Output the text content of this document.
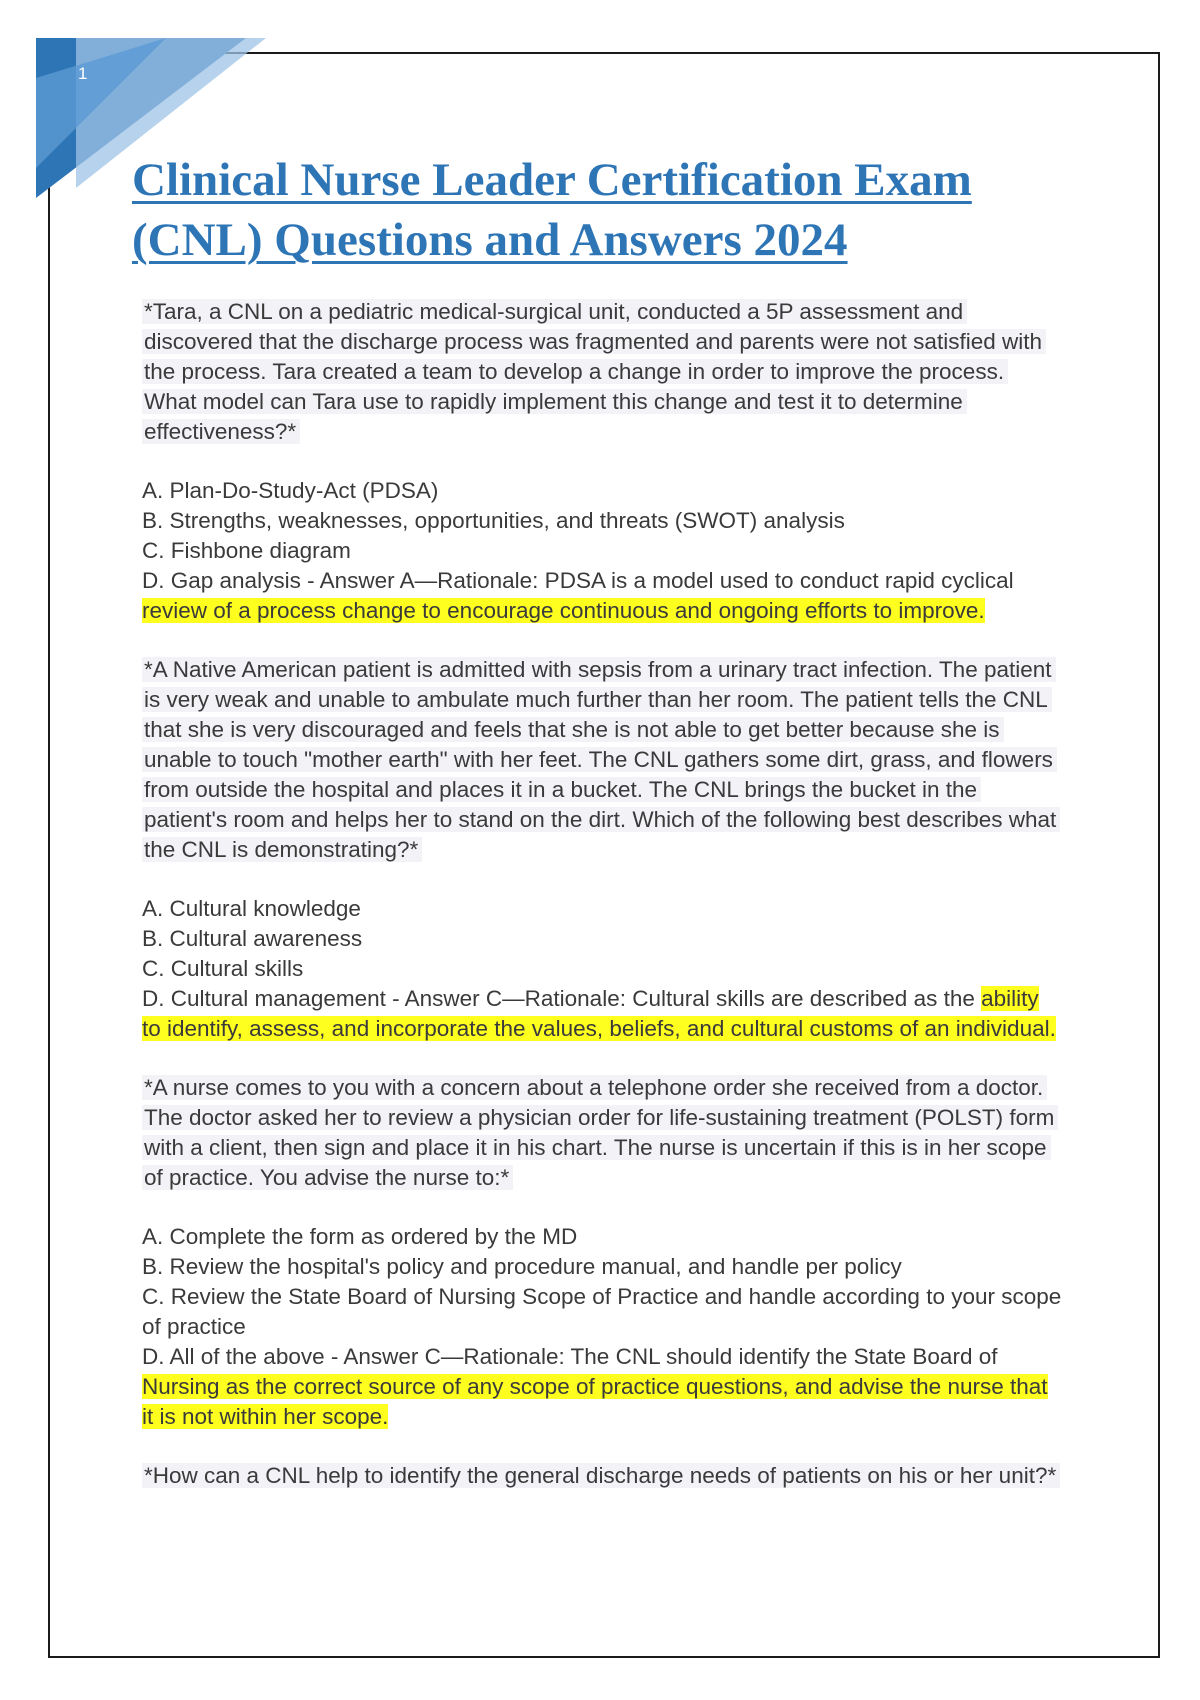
1
Clinical Nurse Leader Certification Exam
(CNL) Questions and Answers 2024
*Tara, a CNL on a pediatric medical-surgical unit, conducted a 5P assessment and discovered that the discharge process was fragmented and parents were not satisfied with the process. Tara created a team to develop a change in order to improve the process. What model can Tara use to rapidly implement this change and test it to determine effectiveness?*

A. Plan-Do-Study-Act (PDSA)

B. Strengths, weaknesses, opportunities, and threats (SWOT) analysis

C. Fishbone diagram

D. Gap analysis - Answer A—Rationale: PDSA is a model used to conduct rapid cyclical review of a process change to encourage continuous and ongoing efforts to improve.

*A Native American patient is admitted with sepsis from a urinary tract infection. The patient is very weak and unable to ambulate much further than her room. The patient tells the CNL that she is very discouraged and feels that she is not able to get better because she is unable to touch "mother earth" with her feet. The CNL gathers some dirt, grass, and flowers from outside the hospital and places it in a bucket. The CNL brings the bucket in the patient's room and helps her to stand on the dirt. Which of the following best describes what the CNL is demonstrating?*

A. Cultural knowledge

B. Cultural awareness

C. Cultural skills

D. Cultural management - Answer C—Rationale: Cultural skills are described as the ability to identify, assess, and incorporate the values, beliefs, and cultural customs of an individual.

*A nurse comes to you with a concern about a telephone order she received from a doctor. The doctor asked her to review a physician order for life-sustaining treatment (POLST) form with a client, then sign and place it in his chart. The nurse is uncertain if this is in her scope of practice. You advise the nurse to:*

A. Complete the form as ordered by the MD

B. Review the hospital's policy and procedure manual, and handle per policy

C. Review the State Board of Nursing Scope of Practice and handle according to your scope of practice

D. All of the above - Answer C—Rationale: The CNL should identify the State Board of Nursing as the correct source of any scope of practice questions, and advise the nurse that it is not within her scope.

*How can a CNL help to identify the general discharge needs of patients on his or her unit?*
